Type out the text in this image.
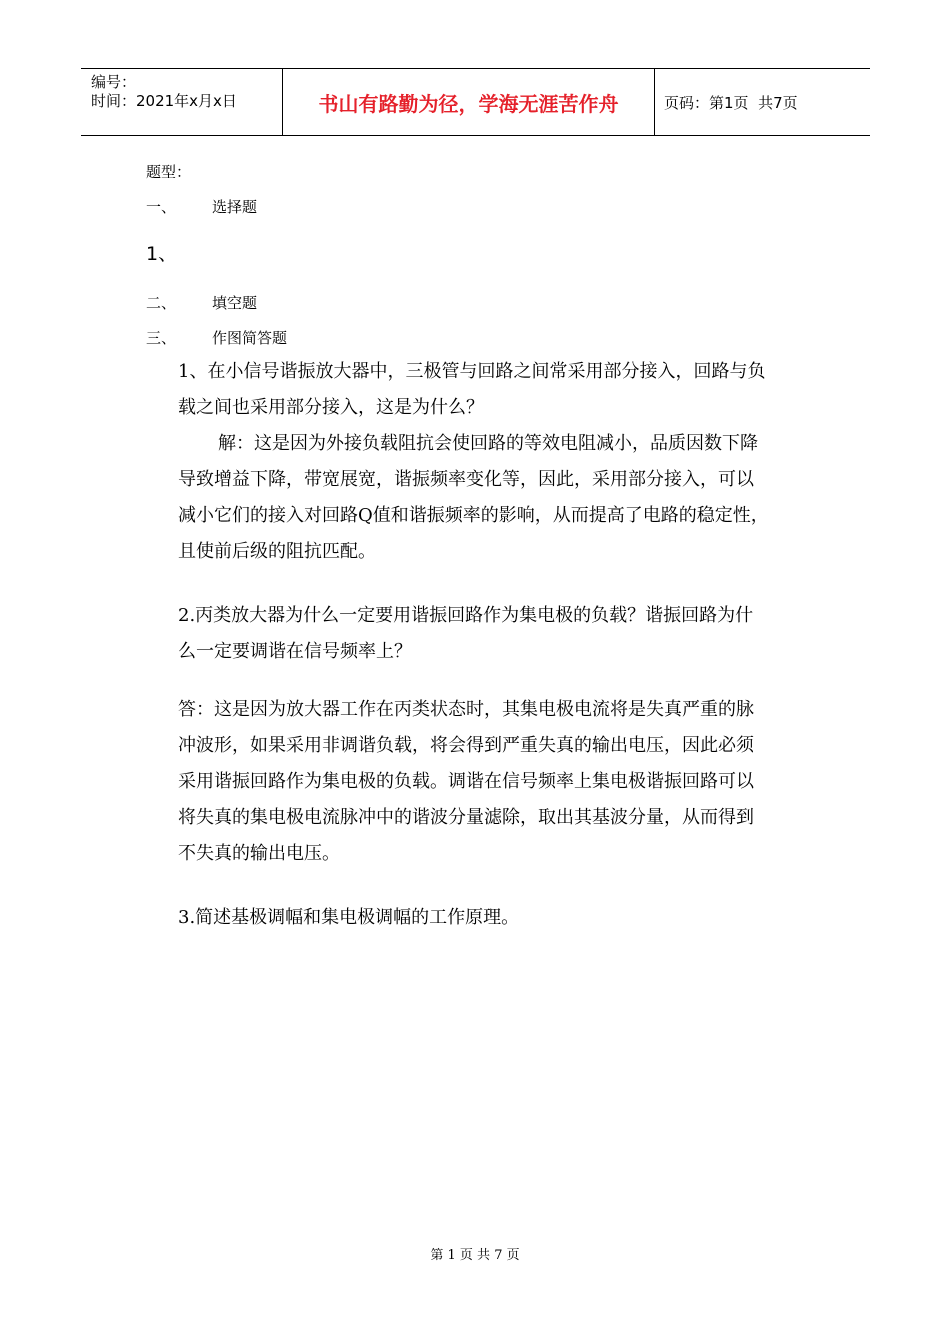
编号：
时间：2021年x月x日	书山有路勤为径，学海无涯苦作舟	页码：第1页  共7页
题型：
一、 选择题
1、
二、 填空题
三、 作图简答题
1、在小信号谐振放大器中，三极管与回路之间常采用部分接入，回路与负
载之间也采用部分接入，这是为什么？
解：这是因为外接负载阻抗会使回路的等效电阻减小，品质因数下降
导致增益下降，带宽展宽，谐振频率变化等，因此，采用部分接入，可以
减小它们的接入对回路Q值和谐振频率的影响，从而提高了电路的稳定性，
且使前后级的阻抗匹配。
2.丙类放大器为什么一定要用谐振回路作为集电极的负载？谐振回路为什
么一定要调谐在信号频率上？
答：这是因为放大器工作在丙类状态时，其集电极电流将是失真严重的脉
冲波形，如果采用非调谐负载，将会得到严重失真的输出电压，因此必须
采用谐振回路作为集电极的负载。调谐在信号频率上集电极谐振回路可以
将失真的集电极电流脉冲中的谐波分量滤除，取出其基波分量，从而得到
不失真的输出电压。
3.简述基极调幅和集电极调幅的工作原理。
第 1 页 共 7 页
